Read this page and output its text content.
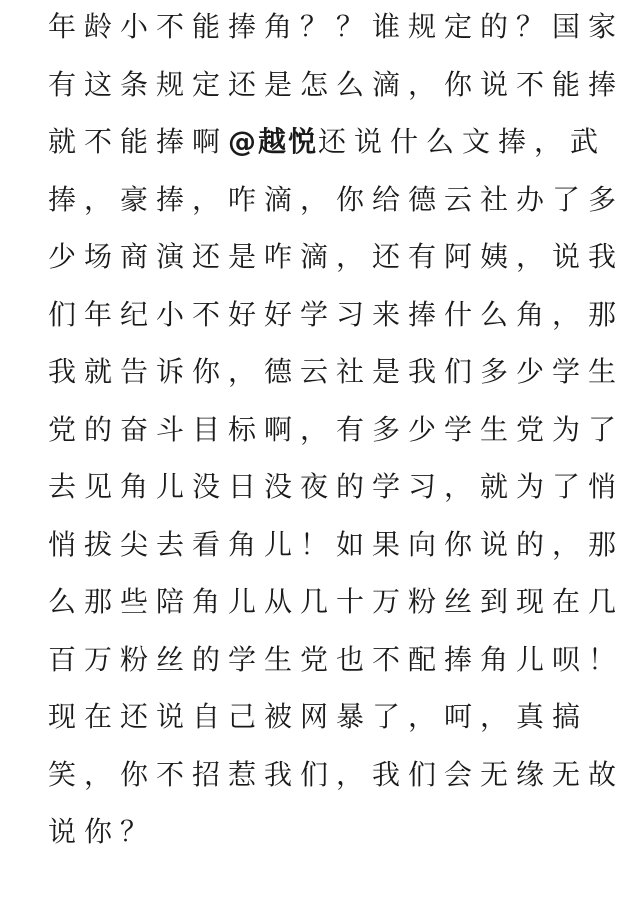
年龄小不能捧角？？谁规定的？国家
有这条规定还是怎么滴，你说不能捧
就不能捧啊@越悦还说什么文捧，武
捧，豪捧，咋滴，你给德云社办了多
少场商演还是咋滴，还有阿姨，说我
们年纪小不好好学习来捧什么角，那
我就告诉你，德云社是我们多少学生
党的奋斗目标啊，有多少学生党为了
去见角儿没日没夜的学习，就为了悄
悄拔尖去看角儿！如果向你说的，那
么那些陪角儿从几十万粉丝到现在几
百万粉丝的学生党也不配捧角儿呗！
现在还说自己被网暴了，呵，真搞
笑，你不招惹我们，我们会无缘无故
说你？
